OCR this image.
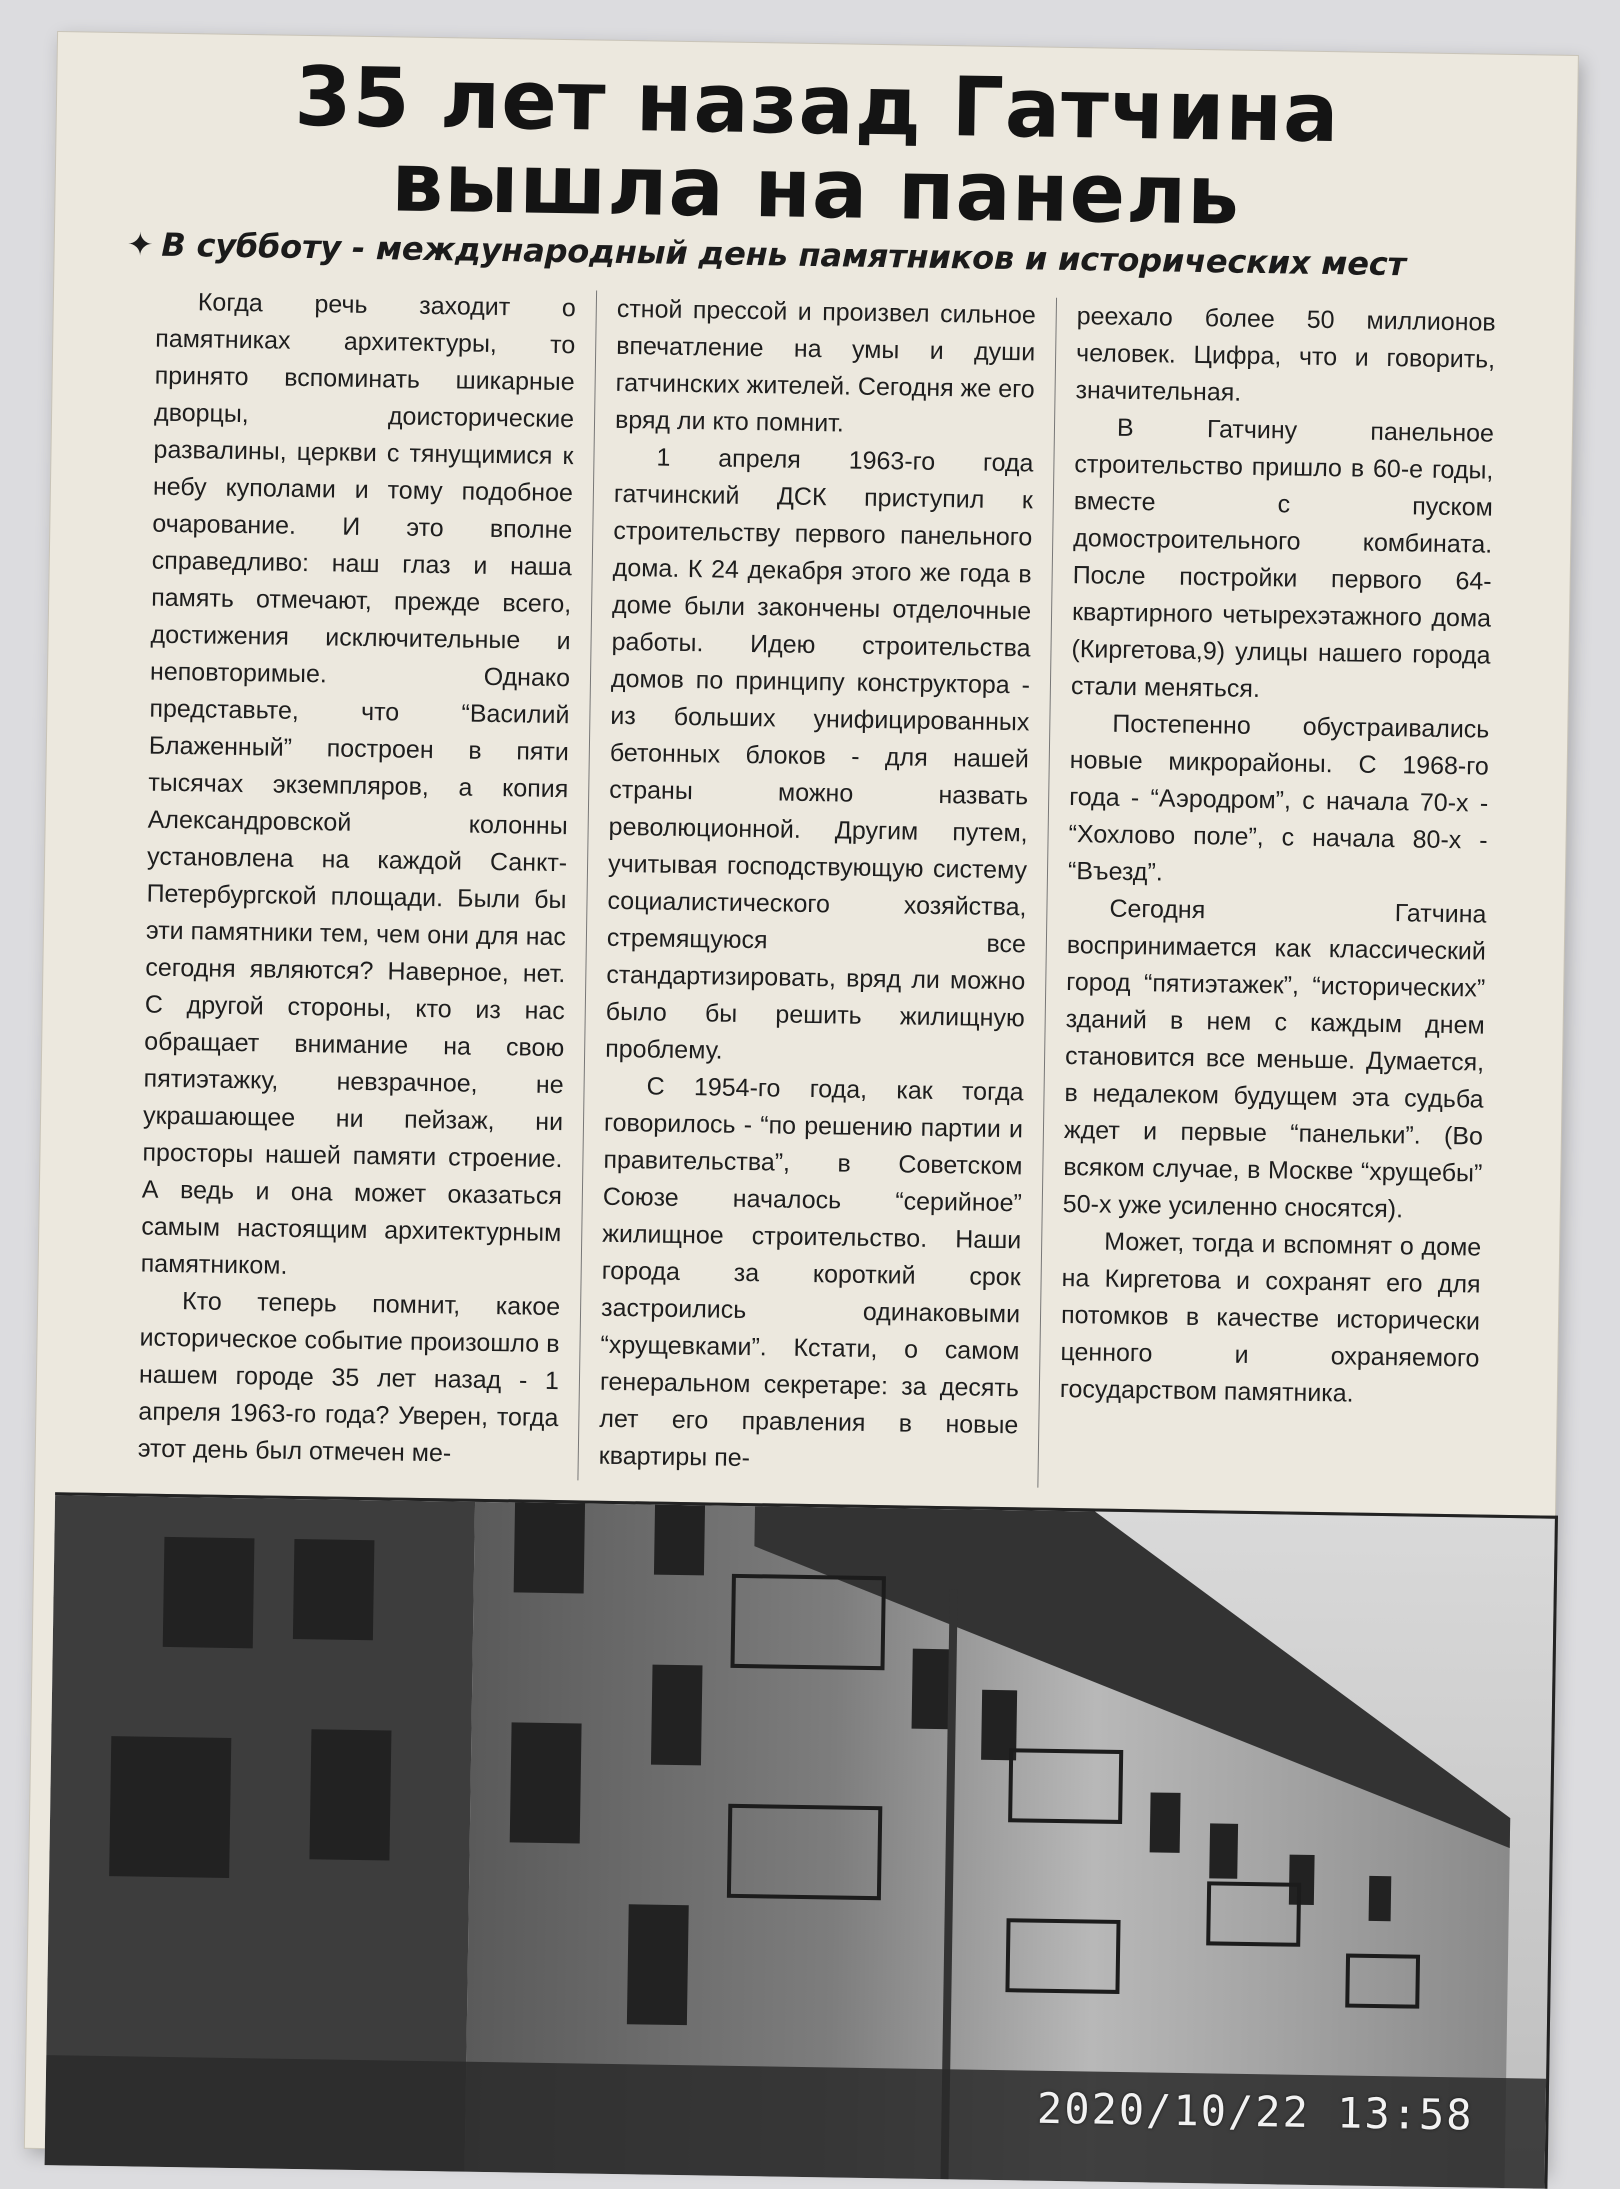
35 лет назад Гатчина
вышла на панель
✦ В субботу - международный день памятников и исторических мест

Когда речь заходит о памятниках архитектуры, то принято вспоминать шикарные дворцы, доисторические развалины, церкви с тянущимися к небу куполами и тому подобное очарование. И это вполне справедливо: наш глаз и наша память отмечают, прежде всего, достижения исключительные и неповторимые. Однако представьте, что “Василий Блаженный” построен в пяти тысячах экземпляров, а копия Александровской колонны установлена на каждой Санкт-Петербургской площади. Были бы эти памятники тем, чем они для нас сегодня являются? Наверное, нет. С другой стороны, кто из нас обращает внимание на свою пятиэтажку, невзрачное, не украшающее ни пейзаж, ни просторы нашей памяти строение. А ведь и она может оказаться самым настоящим архитектурным памятником.

Кто теперь помнит, какое историческое событие произошло в нашем городе 35 лет назад - 1 апреля 1963-го года? Уверен, тогда этот день был отмечен ме-

стной прессой и произвел сильное впечатление на умы и души гатчинских жителей. Сегодня же его вряд ли кто помнит.

1 апреля 1963-го года гатчинский ДСК приступил к строительству первого панельного дома. К 24 декабря этого же года в доме были закончены отделочные работы. Идею строительства домов по принципу конструктора - из больших унифицированных бетонных блоков - для нашей страны можно назвать революционной. Другим путем, учитывая господствующую систему социалистического хозяйства, стремящуюся все стандартизировать, вряд ли можно было бы решить жилищную проблему.

С 1954-го года, как тогда говорилось - “по решению партии и правительства”, в Советском Союзе началось “серийное” жилищное строительство. Наши города за короткий срок застроились одинаковыми “хрущевками”. Кстати, о самом генеральном секретаре: за десять лет его правления в новые квартиры пе-

реехало более 50 миллионов человек. Цифра, что и говорить, значительная.

В Гатчину панельное строительство пришло в 60-е годы, вместе с пуском домостроительного комбината. После постройки первого 64-квартирного четырехэтажного дома (Киргетова,9) улицы нашего города стали меняться.

Постепенно обустраивались новые микрорайоны. С 1968-го года - “Аэродром”, с начала 70-х - “Хохлово поле”, с начала 80-х - “Въезд”.

Сегодня Гатчина воспринимается как классический город “пятиэтажек”, “исторических” зданий в нем с каждым днем становится все меньше. Думается, в недалеком будущем эта судьба ждет и первые “панельки”. (Во всяком случае, в Москве “хрущебы” 50-х уже усиленно сносятся).

Может, тогда и вспомнят о доме на Киргетова и сохранят его для потомков в качестве исторически ценного и охраняемого государством памятника.

2020/10/22 13:58
